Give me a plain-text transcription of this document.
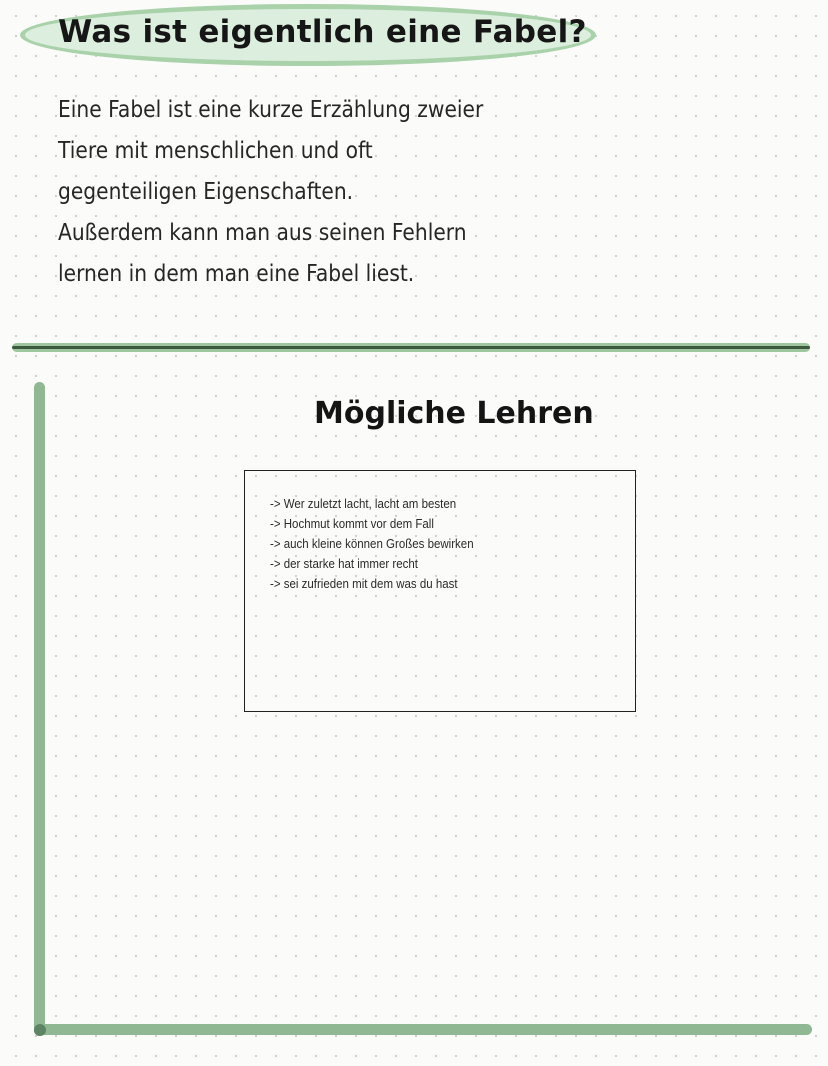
Was ist eigentlich eine Fabel?
Eine Fabel ist eine kurze Erzählung zweier
Tiere mit menschlichen und oft
gegenteiligen Eigenschaften.
Außerdem kann man aus seinen Fehlern
lernen in dem man eine Fabel liest.
Mögliche Lehren
-> Wer zuletzt lacht, lacht am besten
-> Hochmut kommt vor dem Fall
-> auch kleine können Großes bewirken
-> der starke hat immer recht
-> sei zufrieden mit dem was du hast
